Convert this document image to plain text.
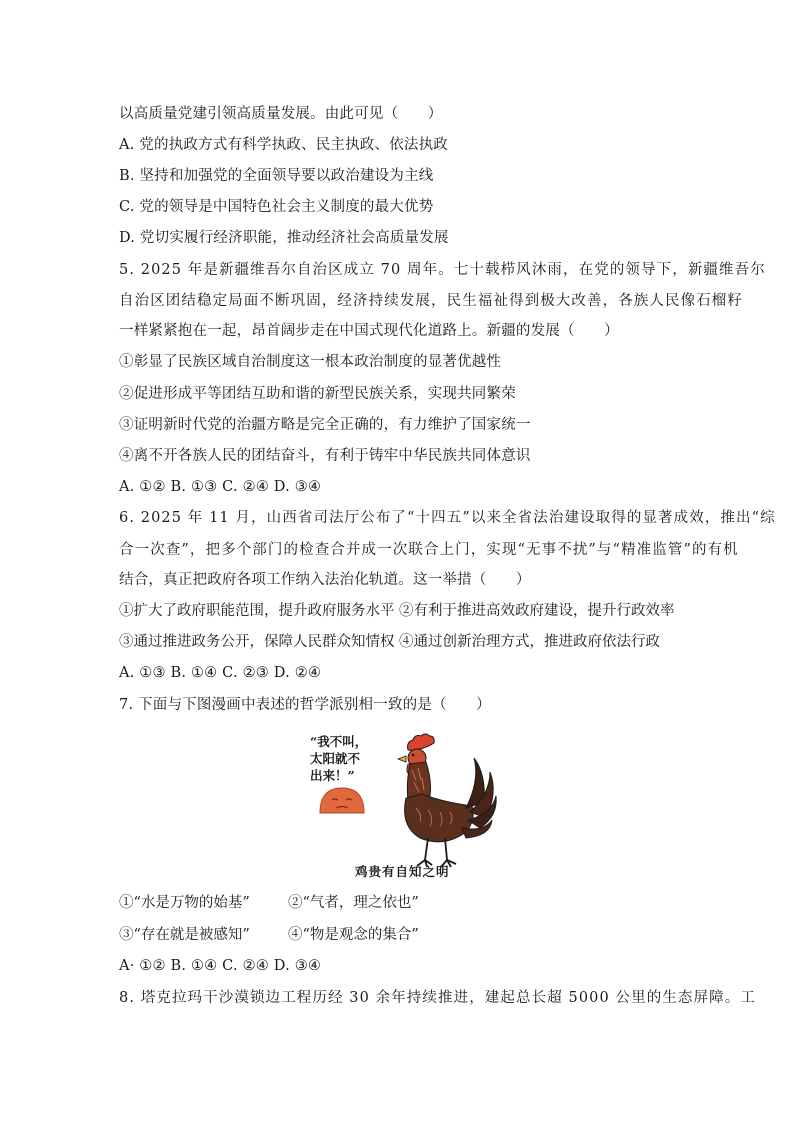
以高质量党建引领高质量发展。由此可见（　　）
A. 党的执政方式有科学执政、民主执政、依法执政
B. 坚持和加强党的全面领导要以政治建设为主线
C. 党的领导是中国特色社会主义制度的最大优势
D. 党切实履行经济职能，推动经济社会高质量发展
5. 2025 年是新疆维吾尔自治区成立 70 周年。七十载栉风沐雨，在党的领导下，新疆维吾尔
自治区团结稳定局面不断巩固，经济持续发展，民生福祉得到极大改善，各族人民像石榴籽
一样紧紧抱在一起，昂首阔步走在中国式现代化道路上。新疆的发展（　　）
①彰显了民族区域自治制度这一根本政治制度的显著优越性
②促进形成平等团结互助和谐的新型民族关系，实现共同繁荣
③证明新时代党的治疆方略是完全正确的，有力维护了国家统一
④离不开各族人民的团结奋斗，有利于铸牢中华民族共同体意识
A. ①② B. ①③ C. ②④ D. ③④
6. 2025 年 11 月，山西省司法厅公布了“十四五”以来全省法治建设取得的显著成效，推出“综
合一次查”，把多个部门的检查合并成一次联合上门，实现“无事不扰”与“精准监管”的有机
结合，真正把政府各项工作纳入法治化轨道。这一举措（　　）
①扩大了政府职能范围，提升政府服务水平 ②有利于推进高效政府建设，提升行政效率
③通过推进政务公开，保障人民群众知情权 ④通过创新治理方式，推进政府依法行政
A. ①③ B. ①④ C. ②③ D. ②④
7. 下面与下图漫画中表述的哲学派别相一致的是（　　）
“我不叫，
太阳就不
出来！”
鸡贵有自知之明
①“水是万物的始基”	②“气者，理之依也”
③“存在就是被感知”	④“物是观念的集合”
A· ①② B. ①④ C. ②④ D. ③④
8. 塔克拉玛干沙漠锁边工程历经 30 余年持续推进，建起总长超 5000 公里的生态屏障。工
